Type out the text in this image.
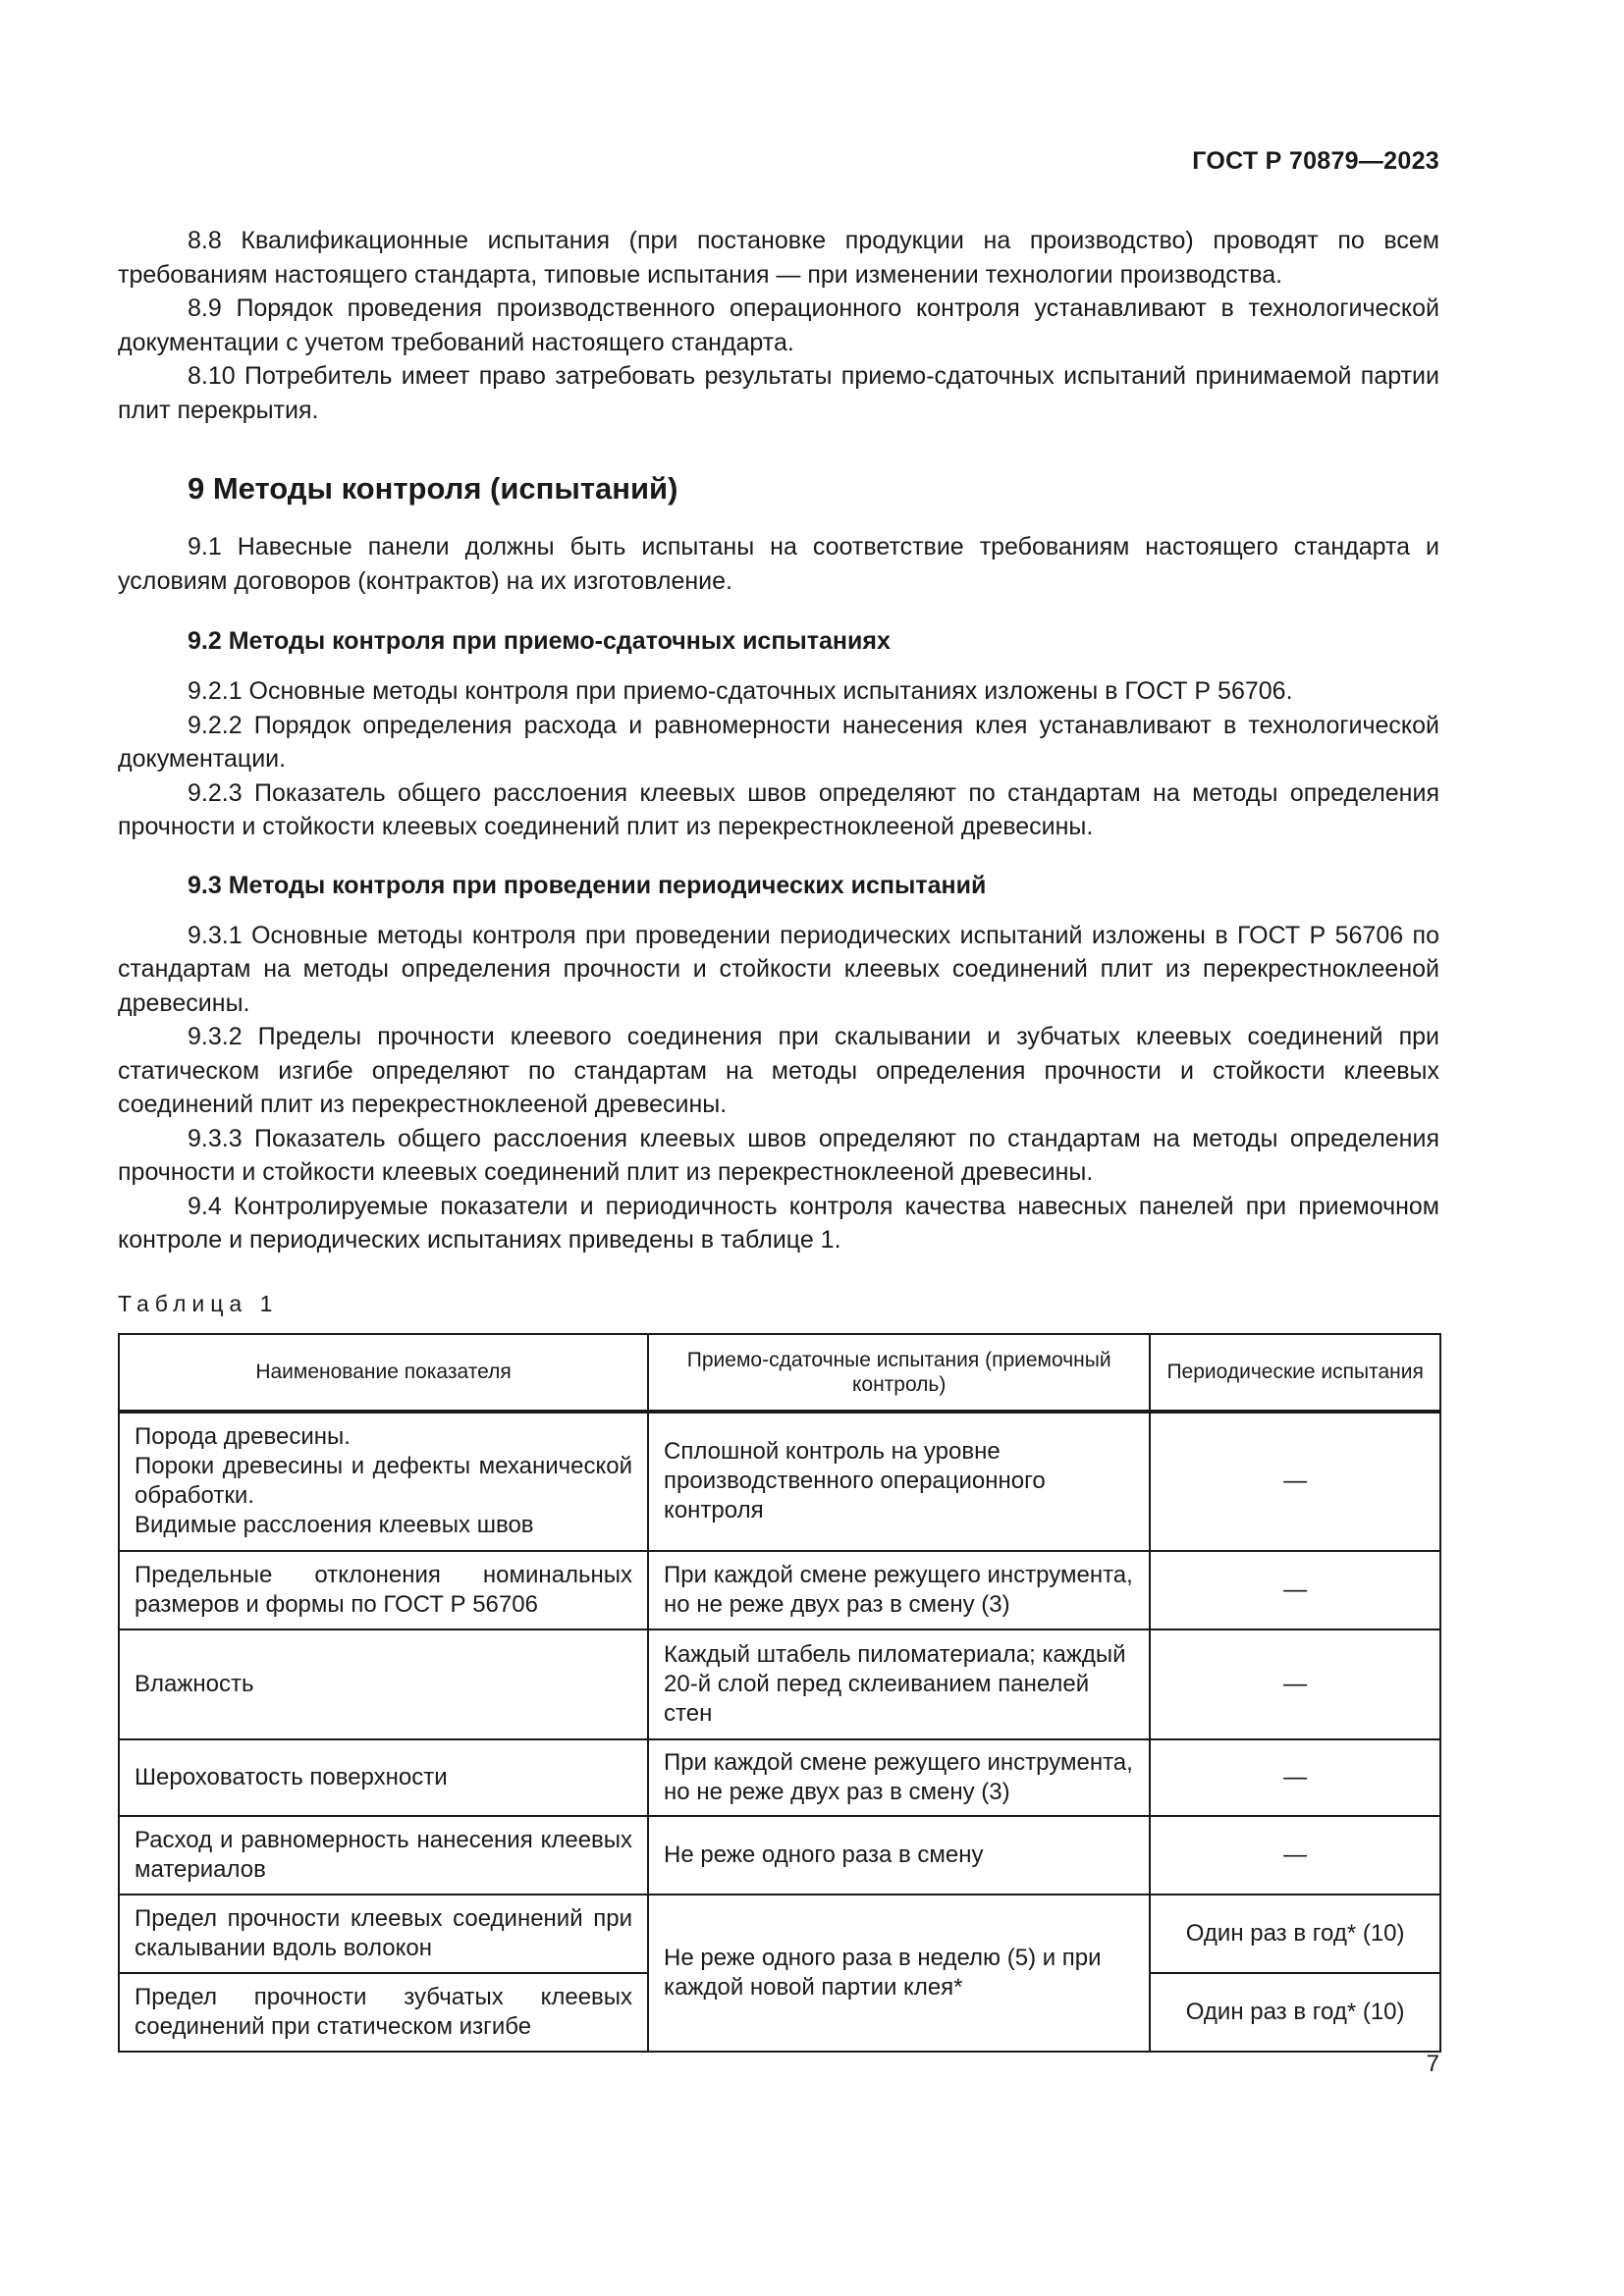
ГОСТ Р 70879—2023

8.8 Квалификационные испытания (при постановке продукции на производство) проводят по всем требованиям настоящего стандарта, типовые испытания — при изменении технологии производства.

8.9 Порядок проведения производственного операционного контроля устанавливают в технологической документации с учетом требований настоящего стандарта.

8.10 Потребитель имеет право затребовать результаты приемо-сдаточных испытаний принимаемой партии плит перекрытия.

9 Методы контроля (испытаний)

9.1 Навесные панели должны быть испытаны на соответствие требованиям настоящего стандарта и условиям договоров (контрактов) на их изготовление.

9.2 Методы контроля при приемо-сдаточных испытаниях

9.2.1 Основные методы контроля при приемо-сдаточных испытаниях изложены в ГОСТ Р 56706.

9.2.2 Порядок определения расхода и равномерности нанесения клея устанавливают в технологической документации.

9.2.3 Показатель общего расслоения клеевых швов определяют по стандартам на методы определения прочности и стойкости клеевых соединений плит из перекрестноклееной древесины.

9.3 Методы контроля при проведении периодических испытаний

9.3.1 Основные методы контроля при проведении периодических испытаний изложены в ГОСТ Р 56706 по стандартам на методы определения прочности и стойкости клеевых соединений плит из перекрестноклееной древесины.

9.3.2 Пределы прочности клеевого соединения при скалывании и зубчатых клеевых соединений при статическом изгибе определяют по стандартам на методы определения прочности и стойкости клеевых соединений плит из перекрестноклееной древесины.

9.3.3 Показатель общего расслоения клеевых швов определяют по стандартам на методы определения прочности и стойкости клеевых соединений плит из перекрестноклееной древесины.

9.4 Контролируемые показатели и периодичность контроля качества навесных панелей при приемочном контроле и периодических испытаниях приведены в таблице 1.

Таблица 1
Наименование показателя	Приемо-сдаточные испытания (приемочный контроль)	Периодические испытания

Порода древесины.
Пороки древесины и дефекты механической обработки.
Видимые расслоения клеевых швов	Сплошной контроль на уровне производственного операционного контроля	—
Предельные отклонения номинальных размеров и формы по ГОСТ Р 56706	При каждой смене режущего инструмента, но не реже двух раз в смену (3)	—
Влажность	Каждый штабель пиломатериала; каждый 20-й слой перед склеиванием панелей стен	—
Шероховатость поверхности	При каждой смене режущего инструмента, но не реже двух раз в смену (3)	—
Расход и равномерность нанесения клеевых материалов	Не реже одного раза в смену	—
Предел прочности клеевых соединений при скалывании вдоль волокон	Не реже одного раза в неделю (5) и при каждой новой партии клея*	Один раз в год* (10)
Предел прочности зубчатых клеевых соединений при статическом изгибе		Один раз в год* (10)
7
